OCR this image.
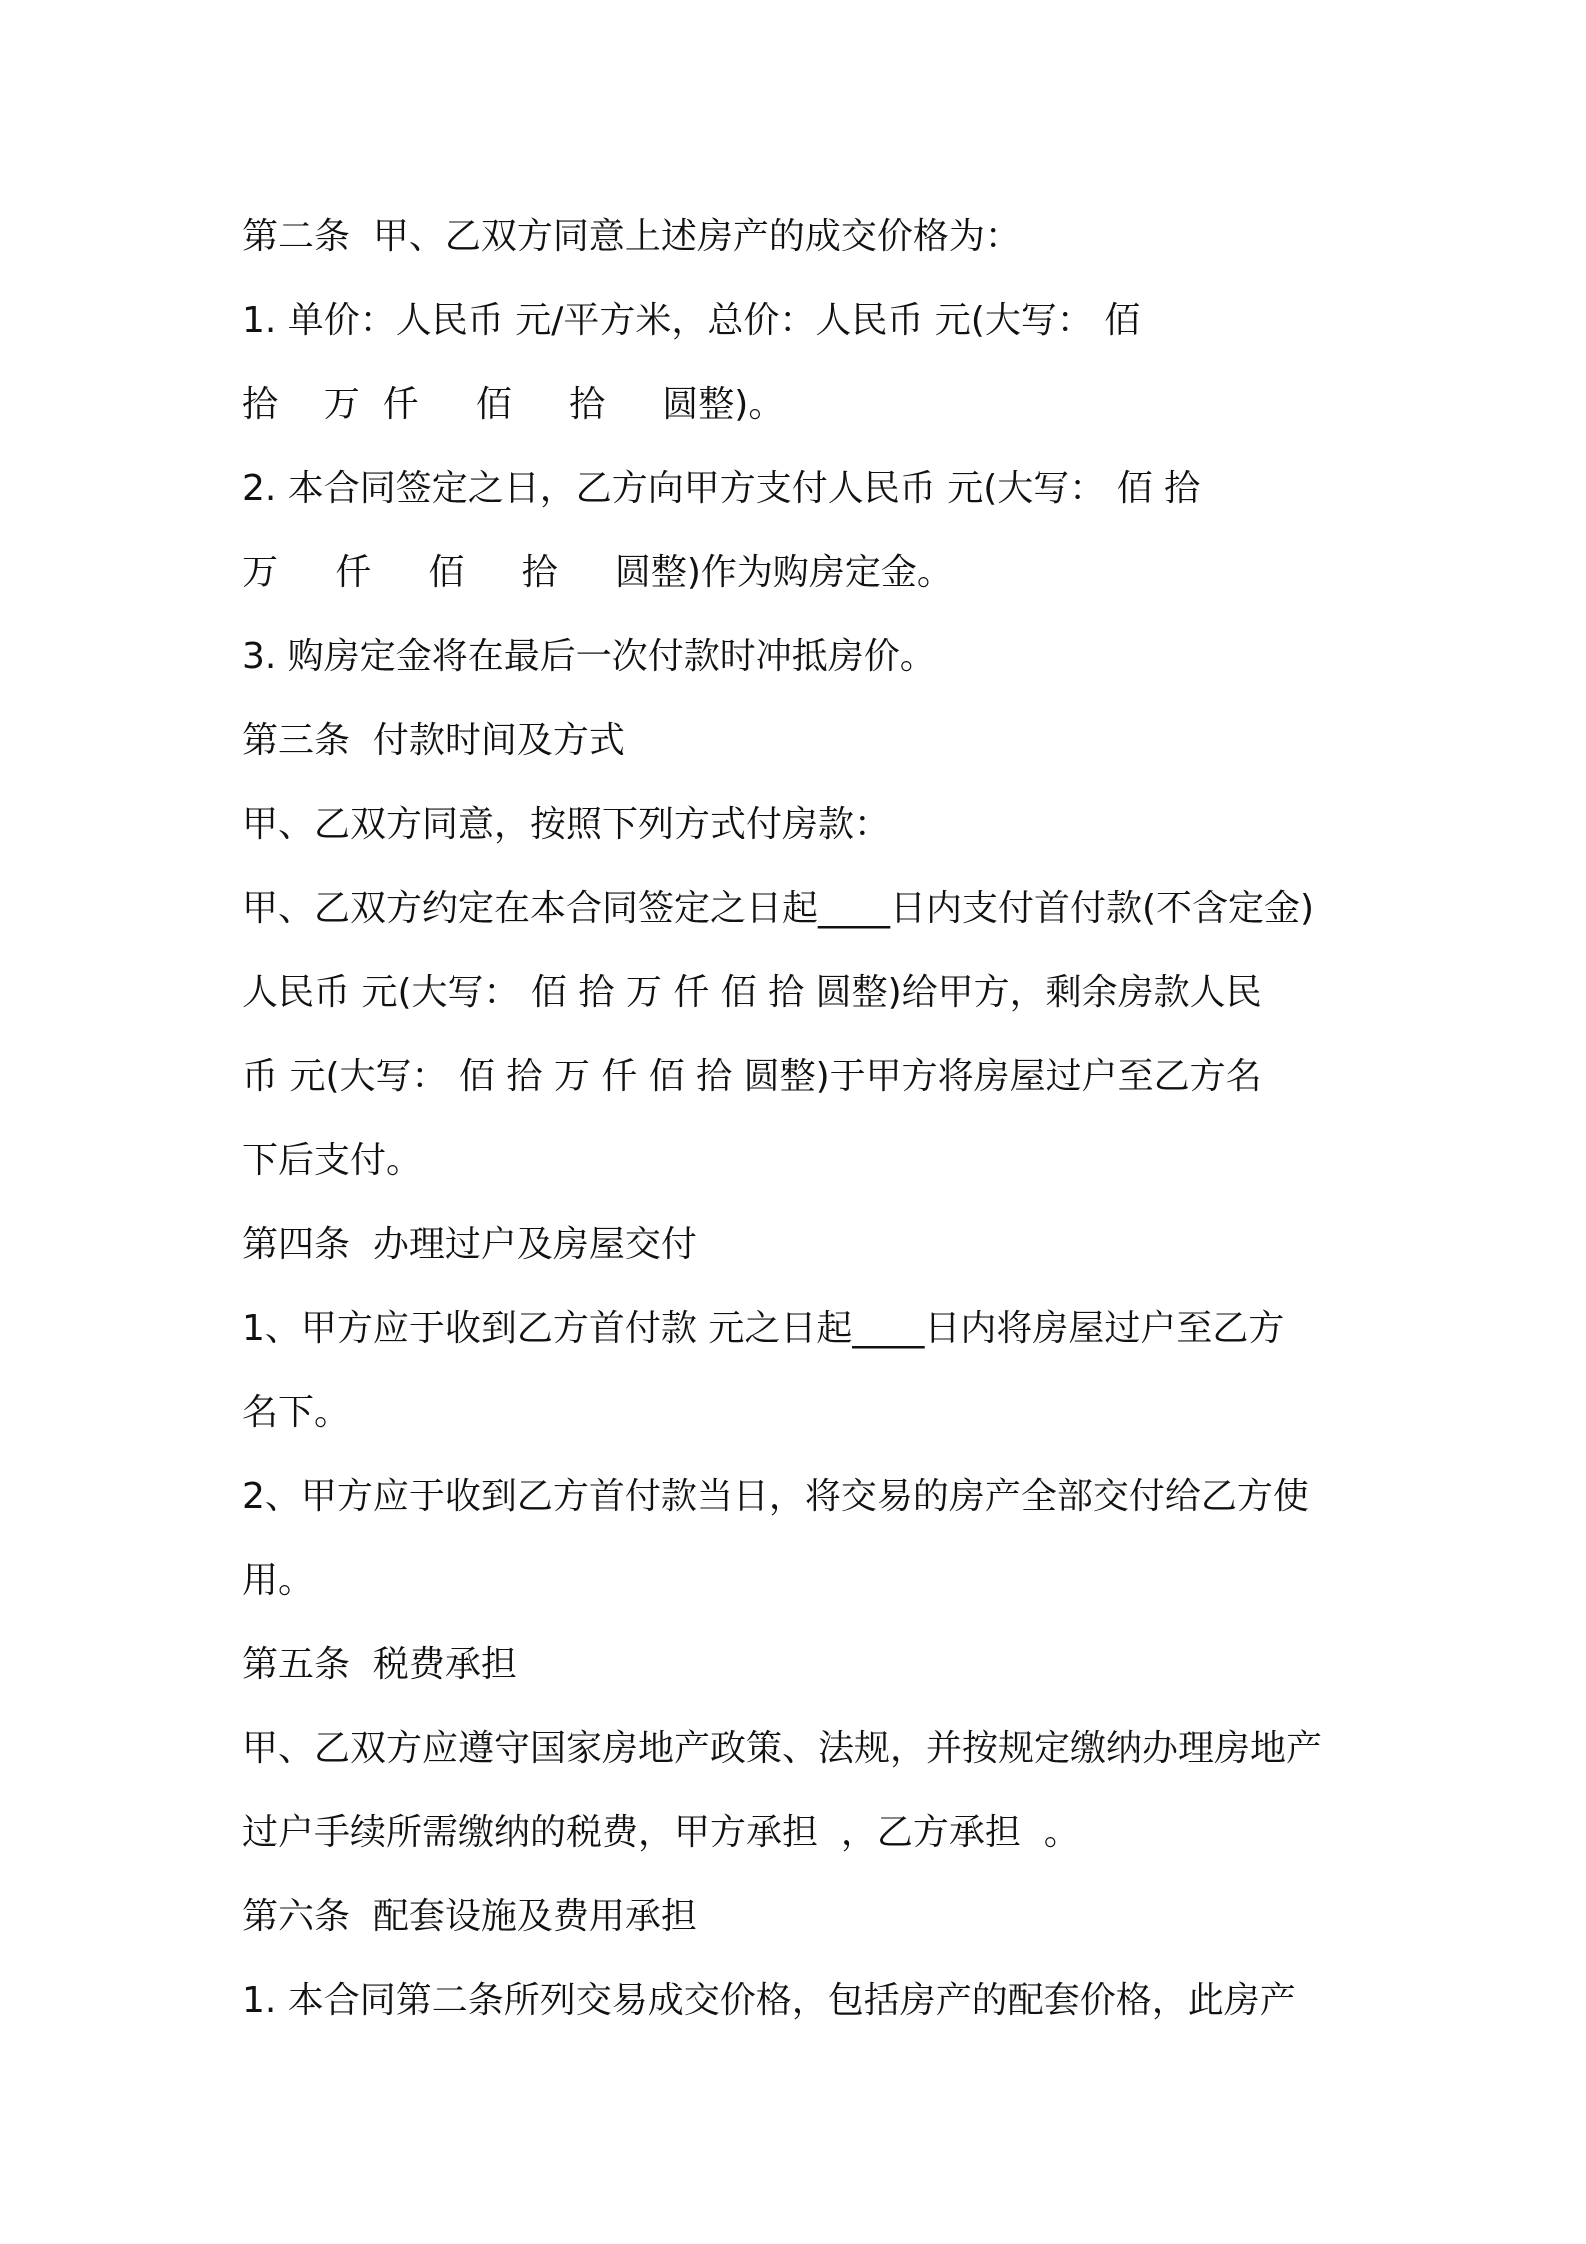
第二条  甲、乙双方同意上述房产的成交价格为：
1. 单价：人民币 元/平方米，总价：人民币 元(大写： 佰
拾    万  仟     佰     拾     圆整)。
2. 本合同签定之日，乙方向甲方支付人民币 元(大写： 佰 拾
万     仟     佰     拾     圆整)作为购房定金。
3. 购房定金将在最后一次付款时冲抵房价。
第三条  付款时间及方式
甲、乙双方同意，按照下列方式付房款：
甲、乙双方约定在本合同签定之日起____日内支付首付款(不含定金)
人民币 元(大写： 佰 拾 万 仟 佰 拾 圆整)给甲方，剩余房款人民
币 元(大写： 佰 拾 万 仟 佰 拾 圆整)于甲方将房屋过户至乙方名
下后支付。
第四条  办理过户及房屋交付
1、甲方应于收到乙方首付款 元之日起____日内将房屋过户至乙方
名下。
2、甲方应于收到乙方首付款当日，将交易的房产全部交付给乙方使
用。
第五条  税费承担
甲、乙双方应遵守国家房地产政策、法规，并按规定缴纳办理房地产
过户手续所需缴纳的税费，甲方承担  ，乙方承担  。
第六条  配套设施及费用承担
1. 本合同第二条所列交易成交价格，包括房产的配套价格，此房产
